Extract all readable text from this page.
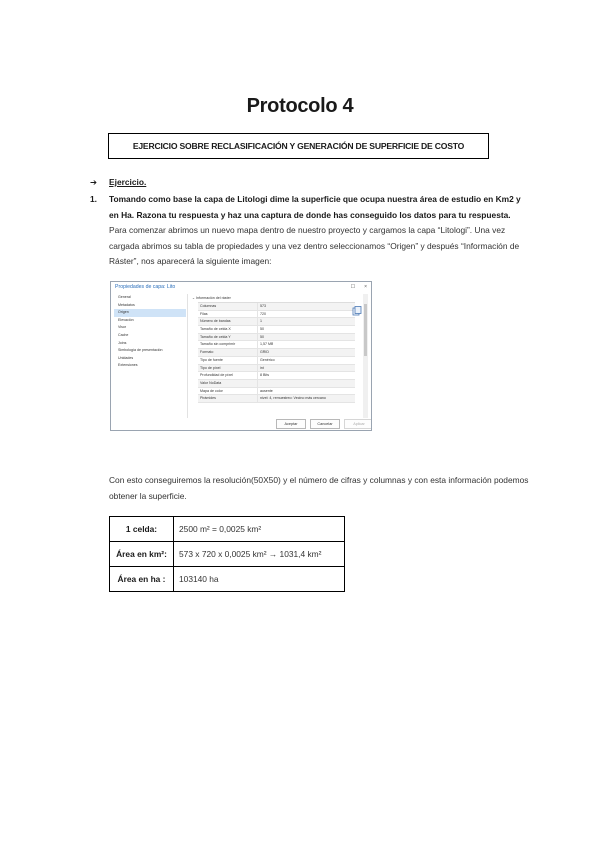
Protocolo 4
EJERCICIO SOBRE RECLASIFICACIÓN Y GENERACIÓN DE SUPERFICIE DE COSTO
➔ Ejercicio.
1. Tomando como base la capa de Litologi dime la superficie que ocupa nuestra área de estudio en Km2 y en Ha. Razona tu respuesta y haz una captura de donde has conseguido los datos para tu respuesta. Para comenzar abrimos un nuevo mapa dentro de nuestro proyecto y cargamos la capa “Litologi”. Una vez cargada abrimos su tabla de propiedades y una vez dentro seleccionamos “Origen” y después “Información de Ráster”, nos aparecerá la siguiente imagen:
Propiedades de capa: Lito	☐ ×
General
Metadatos
Origen
Elevación
Visor
Cache
Joins
Simbología de presentación
Unidades
Extensiones
⌄ Información del ráster
Columnas	573
Filas	720
Número de bandas	1
Tamaño de celda X	50
Tamaño de celda Y	50
Tamaño sin comprimir	1,57 MB
Formato	GRID
Tipo de fuente	Genérico
Tipo de píxel	int
Profundidad de píxel	8 Bits
Valor NoData
Mapa de color	ausente
Pirámides	nivel: 4, remuestreo: Vecino más cercano
Aceptar	Cancelar	Aplicar
Con esto conseguiremos la resolución(50X50) y el número de cifras y columnas y con esta información podemos obtener la superficie.
1 celda:	2500 m² = 0,0025 km²
Área en km²:	573 x 720 x 0,0025 km² → 1031,4 km²
Área en ha :	103140 ha
